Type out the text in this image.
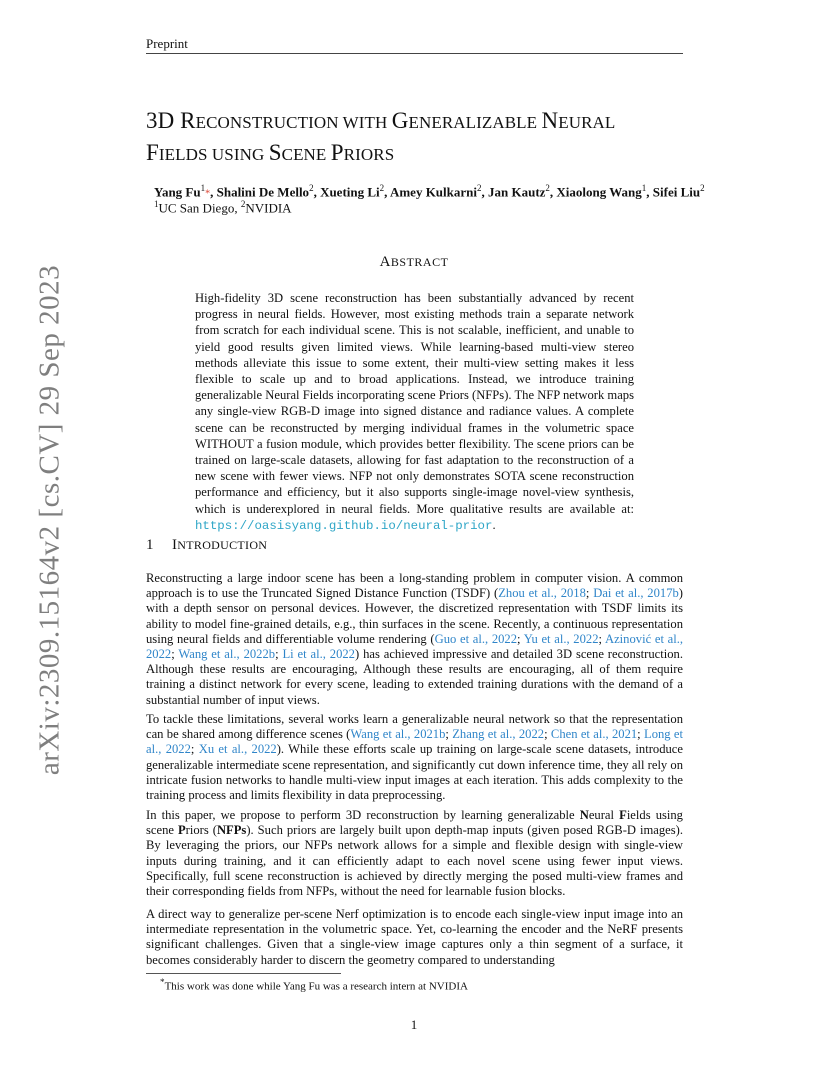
Preprint
3D RECONSTRUCTION WITH GENERALIZABLE NEURAL
FIELDS USING SCENE PRIORS
Yang Fu$^1$*, Shalini De Mello$^2$, Xueting Li$^2$, Amey Kulkarni$^2$, Jan Kautz$^2$, Xiaolong Wang$^1$, Sifei Liu$^2$
$^1$UC San Diego, $^2$NVIDIA
ABSTRACT
High-fidelity 3D scene reconstruction has been substantially advanced by recent progress in neural fields. However, most existing methods train a separate network from scratch for each individual scene. This is not scalable, inefficient, and unable to yield good results given limited views. While learning-based multi-view stereo methods alleviate this issue to some extent, their multi-view setting makes it less flexible to scale up and to broad applications. Instead, we introduce training generalizable Neural Fields incorporating scene Priors (NFPs). The NFP network maps any single-view RGB-D image into signed distance and radiance values. A complete scene can be reconstructed by merging individual frames in the volumetric space WITHOUT a fusion module, which provides better flexibility. The scene priors can be trained on large-scale datasets, allowing for fast adaptation to the reconstruction of a new scene with fewer views. NFP not only demonstrates SOTA scene reconstruction performance and efficiency, but it also supports single-image novel-view synthesis, which is underexplored in neural fields. More qualitative results are available at: https://oasisyang.github.io/neural-prior.
1 INTRODUCTION
Reconstructing a large indoor scene has been a long-standing problem in computer vision. A common approach is to use the Truncated Signed Distance Function (TSDF) (Zhou et al., 2018; Dai et al., 2017b) with a depth sensor on personal devices. However, the discretized representation with TSDF limits its ability to model fine-grained details, e.g., thin surfaces in the scene. Recently, a continuous representation using neural fields and differentiable volume rendering (Guo et al., 2022; Yu et al., 2022; Azinović et al., 2022; Wang et al., 2022b; Li et al., 2022) has achieved impressive and detailed 3D scene reconstruction. Although these results are encouraging, Although these results are encouraging, all of them require training a distinct network for every scene, leading to extended training durations with the demand of a substantial number of input views.
To tackle these limitations, several works learn a generalizable neural network so that the representation can be shared among difference scenes (Wang et al., 2021b; Zhang et al., 2022; Chen et al., 2021; Long et al., 2022; Xu et al., 2022). While these efforts scale up training on large-scale scene datasets, introduce generalizable intermediate scene representation, and significantly cut down inference time, they all rely on intricate fusion networks to handle multi-view input images at each iteration. This adds complexity to the training process and limits flexibility in data preprocessing.
In this paper, we propose to perform 3D reconstruction by learning generalizable Neural Fields using scene Priors (NFPs). Such priors are largely built upon depth-map inputs (given posed RGB-D images). By leveraging the priors, our NFPs network allows for a simple and flexible design with single-view inputs during training, and it can efficiently adapt to each novel scene using fewer input views. Specifically, full scene reconstruction is achieved by directly merging the posed multi-view frames and their corresponding fields from NFPs, without the need for learnable fusion blocks.
A direct way to generalize per-scene Nerf optimization is to encode each single-view input image into an intermediate representation in the volumetric space. Yet, co-learning the encoder and the NeRF presents significant challenges. Given that a single-view image captures only a thin segment of a surface, it becomes considerably harder to discern the geometry compared to understanding
*This work was done while Yang Fu was a research intern at NVIDIA
1
arXiv:2309.15164v2 [cs.CV] 29 Sep 2023
